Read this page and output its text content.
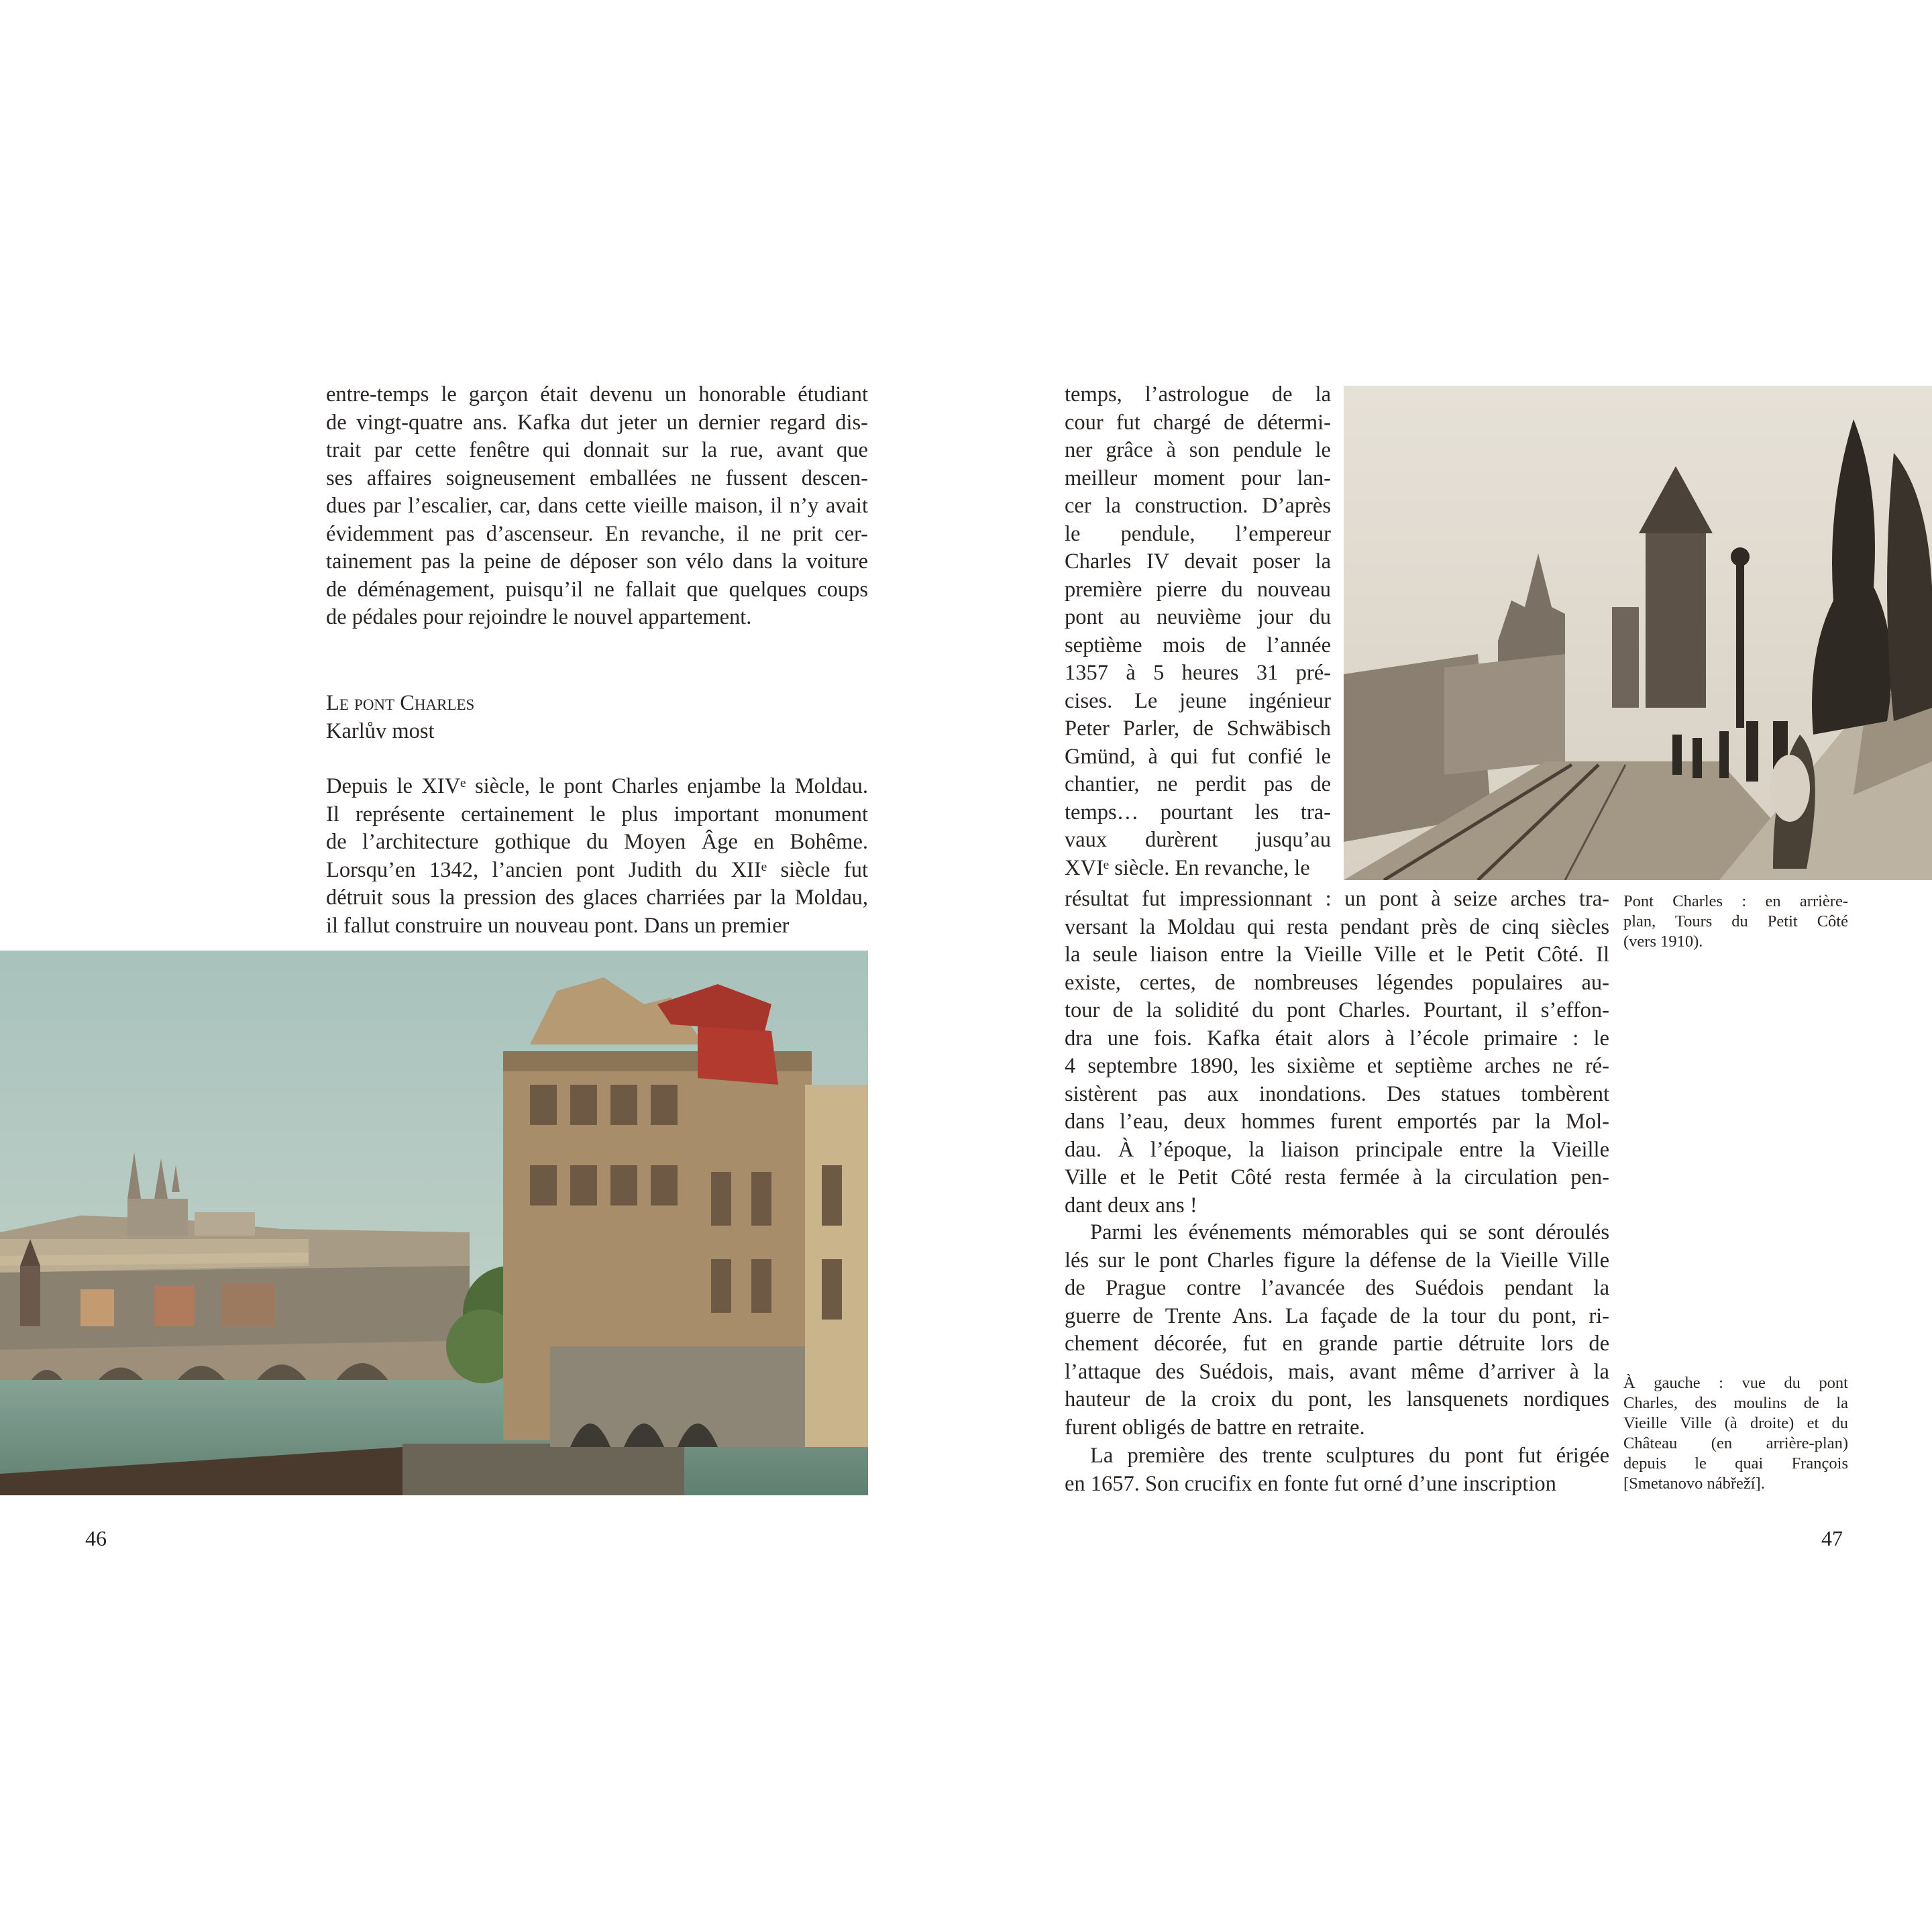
entre-temps le garçon était devenu un honorable étudiant
de vingt-quatre ans. Kafka dut jeter un dernier regard dis-
trait par cette fenêtre qui donnait sur la rue, avant que
ses affaires soigneusement emballées ne fussent descen-
dues par l’escalier, car, dans cette vieille maison, il n’y avait
évidemment pas d’ascenseur. En revanche, il ne prit cer-
tainement pas la peine de déposer son vélo dans la voiture
de déménagement, puisqu’il ne fallait que quelques coups
de pédales pour rejoindre le nouvel appartement.
Le pont Charles
Karlův most
Depuis le XIVᵉ siècle, le pont Charles enjambe la Moldau.
Il représente certainement le plus important monument
de l’architecture gothique du Moyen Âge en Bohême.
Lorsqu’en 1342, l’ancien pont Judith du XIIᵉ siècle fut
détruit sous la pression des glaces charriées par la Moldau,
il fallut construire un nouveau pont. Dans un premier
46
temps, l’astrologue de la
cour fut chargé de détermi-
ner grâce à son pendule le
meilleur moment pour lan-
cer la construction. D’après
le pendule, l’empereur
Charles IV devait poser la
première pierre du nouveau
pont au neuvième jour du
septième mois de l’année
1357 à 5 heures 31 pré-
cises. Le jeune ingénieur
Peter Parler, de Schwäbisch
Gmünd, à qui fut confié le
chantier, ne perdit pas de
temps… pourtant les tra-
vaux durèrent jusqu’au
XVIᵉ siècle. En revanche, le
Pont Charles : en arrière-
plan, Tours du Petit Côté
(vers 1910).
résultat fut impressionnant : un pont à seize arches tra-
versant la Moldau qui resta pendant près de cinq siècles
la seule liaison entre la Vieille Ville et le Petit Côté. Il
existe, certes, de nombreuses légendes populaires au-
tour de la solidité du pont Charles. Pourtant, il s’effon-
dra une fois. Kafka était alors à l’école primaire : le
4 septembre 1890, les sixième et septième arches ne ré-
sistèrent pas aux inondations. Des statues tombèrent
dans l’eau, deux hommes furent emportés par la Mol-
dau. À l’époque, la liaison principale entre la Vieille
Ville et le Petit Côté resta fermée à la circulation pen-
dant deux ans !
Parmi les événements mémorables qui se sont déroulés
lés sur le pont Charles figure la défense de la Vieille Ville
de Prague contre l’avancée des Suédois pendant la
guerre de Trente Ans. La façade de la tour du pont, ri-
chement décorée, fut en grande partie détruite lors de
l’attaque des Suédois, mais, avant même d’arriver à la
hauteur de la croix du pont, les lansquenets nordiques
furent obligés de battre en retraite.
La première des trente sculptures du pont fut érigée
en 1657. Son crucifix en fonte fut orné d’une inscription
À gauche : vue du pont
Charles, des moulins de la
Vieille Ville (à droite) et du
Château (en arrière-plan)
depuis le quai François
[Smetanovo nábřeží].
47
